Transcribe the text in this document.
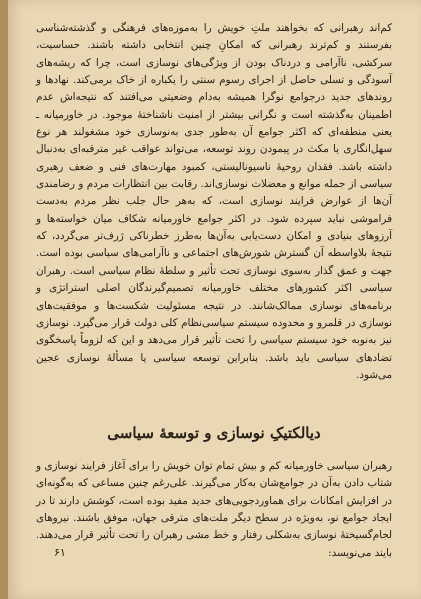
کم‌اند رهبرانی که بخواهند ملتِ خویش را به‌موزه‌های فرهنگی و گذشته‌شناسی بفرستند و کم‌ترند رهبرانی که امکانِ چنین انتخابی داشته باشند. حساسیت، سرکشی، ناآرامی و دردناک بودن از ویژگی‌های نوسازی است، چرا که ریشه‌های آسودگی و تسلی حاصل از اجرای رسوم سنتی را یکباره از خاک برمی‌کند. نهادها و روندهای جدید درجوامع نوگرا همیشه به‌دام وضعیتی می‌افتند که نتیجه‌اش عدم اطمینان به‌گذشته است و نگرانی بیشتر از امنیت ناشناختهٔ موجود. در خاورمیانه ـ یعنی منطقه‌ای که اکثر جوامع آن به‌طور جدی به‌نوسازی خود مشغولند هر نوع سهل‌انگاری یا مکث در پیمودن روند توسعه، می‌تواند عواقب غیر مترقبه‌ای به‌دنبال داشته باشد. فقدان روحیهٔ ناسیونالیستی، کمبود مهارت‌های فنی و ضعف رهبری سیاسی از جمله موانع و معضلات نوسازی‌اند. رقابت بین انتظارات مردم و رضامندی آن‌ها از عوارض فرایند نوسازی است، که به‌هر حال جلب نظر مردم به‌دست فراموشی نباید سپرده شود. در اکثر جوامع خاورمیانه شکاف میان خواسته‌ها و آرزوهای بنیادی و امکان دست‌یابی به‌آن‌ها به‌طرز خطرناکی ژرف‌تر می‌گردد، که نتیجهٔ بلاواسطه آن گسترش شورش‌های اجتماعی و ناآرامی‌های سیاسی بوده است. جهت و عمق گذار به‌سوی نوسازی تحت تأثیر و سلطهٔ نظام سیاسی است. رهبران سیاسی اکثر کشورهای مختلف خاورمیانه تصمیم‌گیرندگان اصلی استراتژی و برنامه‌های نوسازی ممالک‌شانند. در نتیجه مسئولیت شکست‌ها و موفقیت‌های نوسازی در قلمرو و محدوده سیستم سیاسی‌نظام کلی دولت قرار می‌گیرد. نوسازی نیز به‌نوبه خود سیستم سیاسی را تحت تأثیر قرار می‌دهد و این که لزوماً پاسخگوی تضادهای سیاسی باید باشد. بنابراین توسعه سیاسی یا مسألهٔ نوسازی عجین می‌شود.

دیالکتیکِ نوسازی و توسعهٔ سیاسی

رهبران سیاسی خاورمیانه کم و بیش تمام توان خویش را برای آغاز فرایند نوسازی و شتاب دادن به‌آن در جوامع‌شان به‌کار می‌گیرند. علی‌رغم چنین مساعی که به‌گونه‌ای در افزایش امکانات برای هماوردجویی‌های جدید مفید بوده است، کوشش دارند تا در ایجاد جوامع نو، به‌ویژه در سطح دیگر ملت‌های مترقی جهان، موفق باشند. نیروهای لجام‌گسیختهٔ نوسازی به‌شکلی رفتار و خط مشی رهبران را تحت تأثیر قرار می‌دهند. بایند می‌نویسد:

۶۱
